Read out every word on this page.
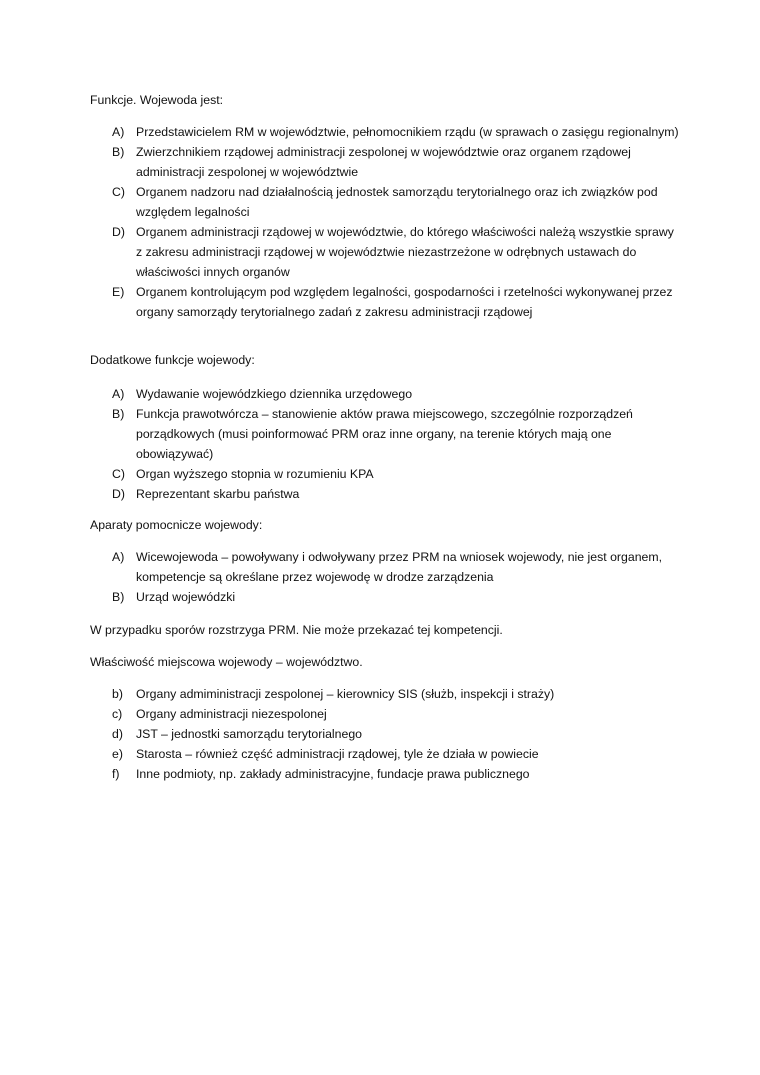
Funkcje. Wojewoda jest:

A) Przedstawicielem RM w województwie, pełnomocnikiem rządu (w sprawach o zasięgu regionalnym)
B) Zwierzchnikiem rządowej administracji zespolonej w województwie oraz organem rządowej administracji zespolonej w województwie
C) Organem nadzoru nad działalnością jednostek samorządu terytorialnego oraz ich związków pod względem legalności
D) Organem administracji rządowej w województwie, do którego właściwości należą wszystkie sprawy z zakresu administracji rządowej w województwie niezastrzeżone w odrębnych ustawach do właściwości innych organów
E) Organem kontrolującym pod względem legalności, gospodarności i rzetelności wykonywanej przez organy samorządy terytorialnego zadań z zakresu administracji rządowej

Dodatkowe funkcje wojewody:

A) Wydawanie wojewódzkiego dziennika urzędowego
B) Funkcja prawotwórcza – stanowienie aktów prawa miejscowego, szczególnie rozporządzeń porządkowych (musi poinformować PRM oraz inne organy, na terenie których mają one obowiązywać)
C) Organ wyższego stopnia w rozumieniu KPA
D) Reprezentant skarbu państwa

Aparaty pomocnicze wojewody:

A) Wicewojewoda – powoływany i odwoływany przez PRM na wniosek wojewody, nie jest organem, kompetencje są określane przez wojewodę w drodze zarządzenia
B) Urząd wojewódzki

W przypadku sporów rozstrzyga PRM. Nie może przekazać tej kompetencji.

Właściwość miejscowa wojewody – województwo.

b)	Organy admiministracji zespolonej – kierownicy SIS (służb, inspekcji i straży)
c)	Organy administracji niezespolonej
d)	JST – jednostki samorządu terytorialnego
e)	Starosta – również część administracji rządowej, tyle że działa w powiecie
f)	Inne podmioty, np. zakłady administracyjne, fundacje prawa publicznego
